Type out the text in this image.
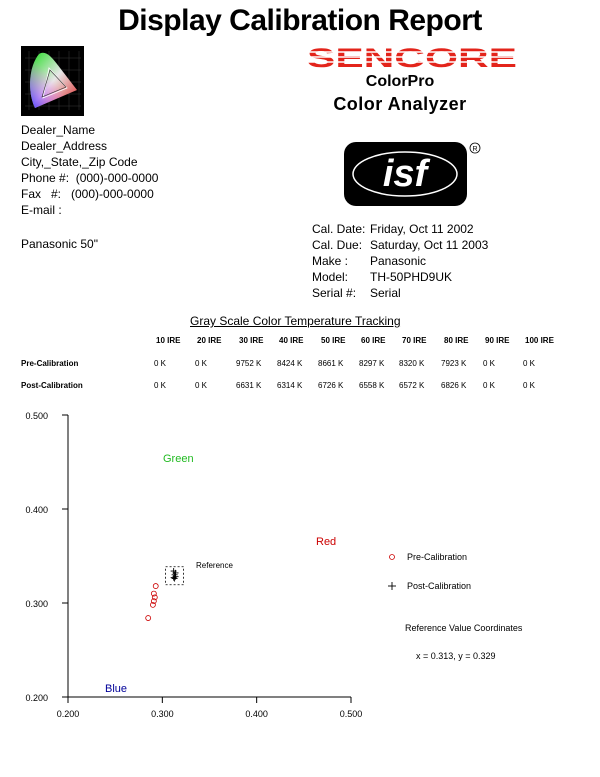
Display Calibration Report
SENCORE
ColorPro
Color Analyzer
isf
R
Dealer_Name
Dealer_Address
City,_State,_Zip Code
Phone #:  (000)-000-0000
Fax   #:   (000)-000-0000
E-mail :
Panasonic 50"
Cal. Date: Friday, Oct 11 2002
Cal. Due: Saturday, Oct 11 2003
Make :	Panasonic
Model:	TH-50PHD9UK
Serial #:	Serial
Gray Scale Color Temperature Tracking
10 IRE 20 IRE 30 IRE 40 IRE 50 IRE 60 IRE 70 IRE 80 IRE 90 IRE 100 IRE
Pre-Calibration	0 K	0 K	9752 K 8424 K 8661 K 8297 K 8320 K 7923 K 0 K	0 K
Post-Calibration	0 K	0 K	6631 K 6314 K 6726 K 6558 K 6572 K 6826 K 0 K	0 K
0.500
0.400
0.300
0.200
0.200	0.300	0.400	0.500
Green
Red
Blue
Reference
Pre-Calibration
Post-Calibration
Reference Value Coordinates
x = 0.313, y = 0.329
